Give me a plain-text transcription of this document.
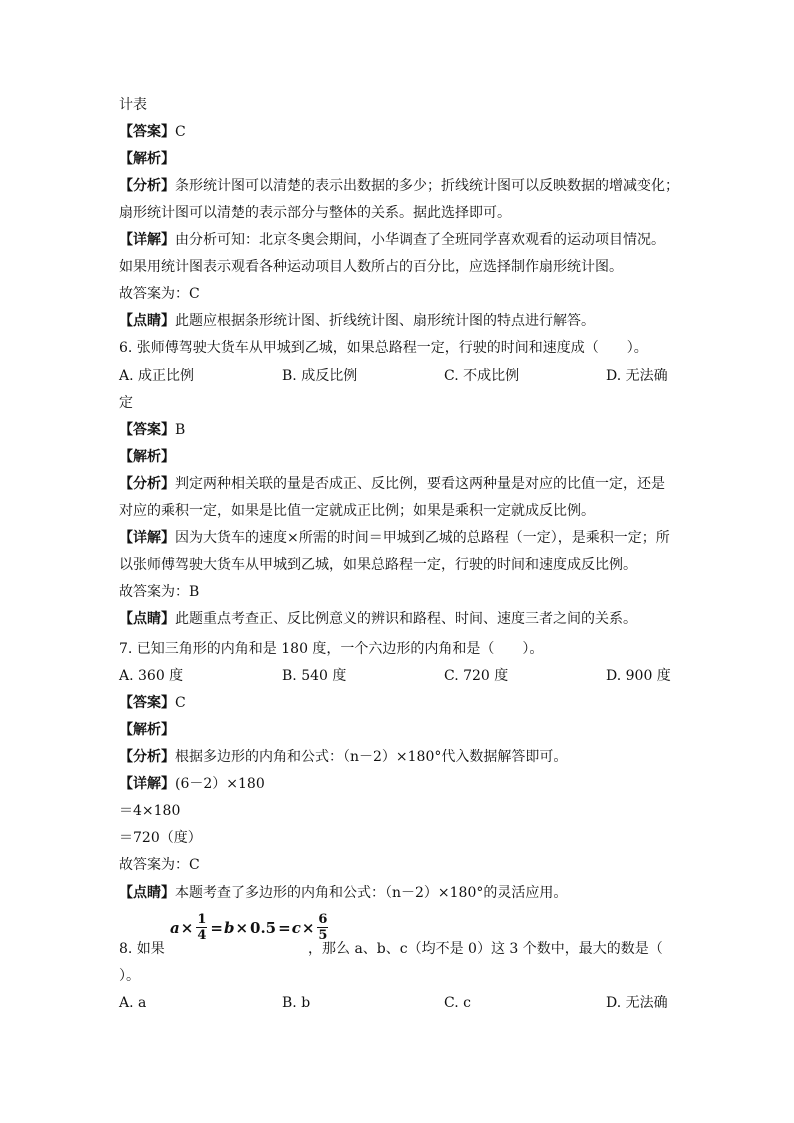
计表
【答案】C
【解析】
【分析】条形统计图可以清楚的表示出数据的多少；折线统计图可以反映数据的增减变化；
扇形统计图可以清楚的表示部分与整体的关系。据此选择即可。
【详解】由分析可知：北京冬奥会期间，小华调查了全班同学喜欢观看的运动项目情况。
如果用统计图表示观看各种运动项目人数所占的百分比，应选择制作扇形统计图。
故答案为：C
【点睛】此题应根据条形统计图、折线统计图、扇形统计图的特点进行解答。
6. 张师傅驾驶大货车从甲城到乙城，如果总路程一定，行驶的时间和速度成（　　）。
A. 成正比例	B. 成反比例	C. 不成比例	D. 无法确
定
【答案】B
【解析】
【分析】判定两种相关联的量是否成正、反比例，要看这两种量是对应的比值一定，还是
对应的乘积一定，如果是比值一定就成正比例；如果是乘积一定就成反比例。
【详解】因为大货车的速度×所需的时间＝甲城到乙城的总路程（一定），是乘积一定；所
以张师傅驾驶大货车从甲城到乙城，如果总路程一定，行驶的时间和速度成反比例。
故答案为：B
【点睛】此题重点考查正、反比例意义的辨识和路程、时间、速度三者之间的关系。
7. 已知三角形的内角和是 180 度，一个六边形的内角和是（　　）。
A. 360 度	B. 540 度	C. 720 度	D. 900 度
【答案】C
【解析】
【分析】根据多边形的内角和公式：（n－2）×180°代入数据解答即可。
【详解】(6－2）×180
＝4×180
＝720（度）
故答案为：C
【点睛】本题考查了多边形的内角和公式：（n－2）×180°的灵活应用。
8. 如果
$a \times \frac{1}{4} = b \times 0.5 = c \times \frac{6}{5}$
，那么 a、b、c（均不是 0）这 3 个数中，最大的数是（
）。
A. a	B. b	C. c	D. 无法确
